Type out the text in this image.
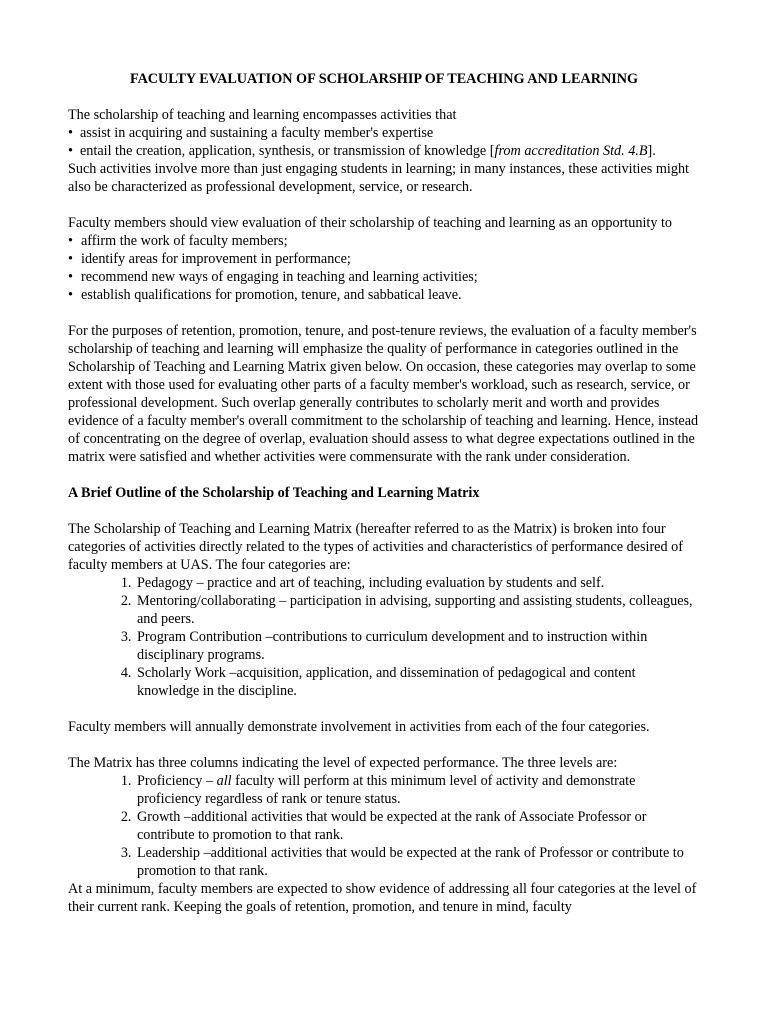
FACULTY EVALUATION OF SCHOLARSHIP OF TEACHING AND LEARNING

The scholarship of teaching and learning encompasses activities that

• assist in acquiring and sustaining a faculty member's expertise
• entail the creation, application, synthesis, or transmission of knowledge [from accreditation Std. 4.B].

Such activities involve more than just engaging students in learning; in many instances, these activities might also be characterized as professional development, service, or research.

Faculty members should view evaluation of their scholarship of teaching and learning as an opportunity to

• affirm the work of faculty members;
• identify areas for improvement in performance;
• recommend new ways of engaging in teaching and learning activities;
• establish qualifications for promotion, tenure, and sabbatical leave.

For the purposes of retention, promotion, tenure, and post-tenure reviews, the evaluation of a faculty member's scholarship of teaching and learning will emphasize the quality of performance in categories outlined in the Scholarship of Teaching and Learning Matrix given below. On occasion, these categories may overlap to some extent with those used for evaluating other parts of a faculty member's workload, such as research, service, or professional development. Such overlap generally contributes to scholarly merit and worth and provides evidence of a faculty member's overall commitment to the scholarship of teaching and learning. Hence, instead of concentrating on the degree of overlap, evaluation should assess to what degree expectations outlined in the matrix were satisfied and whether activities were commensurate with the rank under consideration.

A Brief Outline of the Scholarship of Teaching and Learning Matrix

The Scholarship of Teaching and Learning Matrix (hereafter referred to as the Matrix) is broken into four categories of activities directly related to the types of activities and characteristics of performance desired of faculty members at UAS. The four categories are:

1. Pedagogy – practice and art of teaching, including evaluation by students and self.
2. Mentoring/collaborating – participation in advising, supporting and assisting students, colleagues, and peers.
3. Program Contribution –contributions to curriculum development and to instruction within disciplinary programs.
4. Scholarly Work –acquisition, application, and dissemination of pedagogical and content knowledge in the discipline.

Faculty members will annually demonstrate involvement in activities from each of the four categories.

The Matrix has three columns indicating the level of expected performance. The three levels are:

1. Proficiency – all faculty will perform at this minimum level of activity and demonstrate proficiency regardless of rank or tenure status.
2. Growth –additional activities that would be expected at the rank of Associate Professor or contribute to promotion to that rank.
3. Leadership –additional activities that would be expected at the rank of Professor or contribute to promotion to that rank.

At a minimum, faculty members are expected to show evidence of addressing all four categories at the level of their current rank. Keeping the goals of retention, promotion, and tenure in mind, faculty
